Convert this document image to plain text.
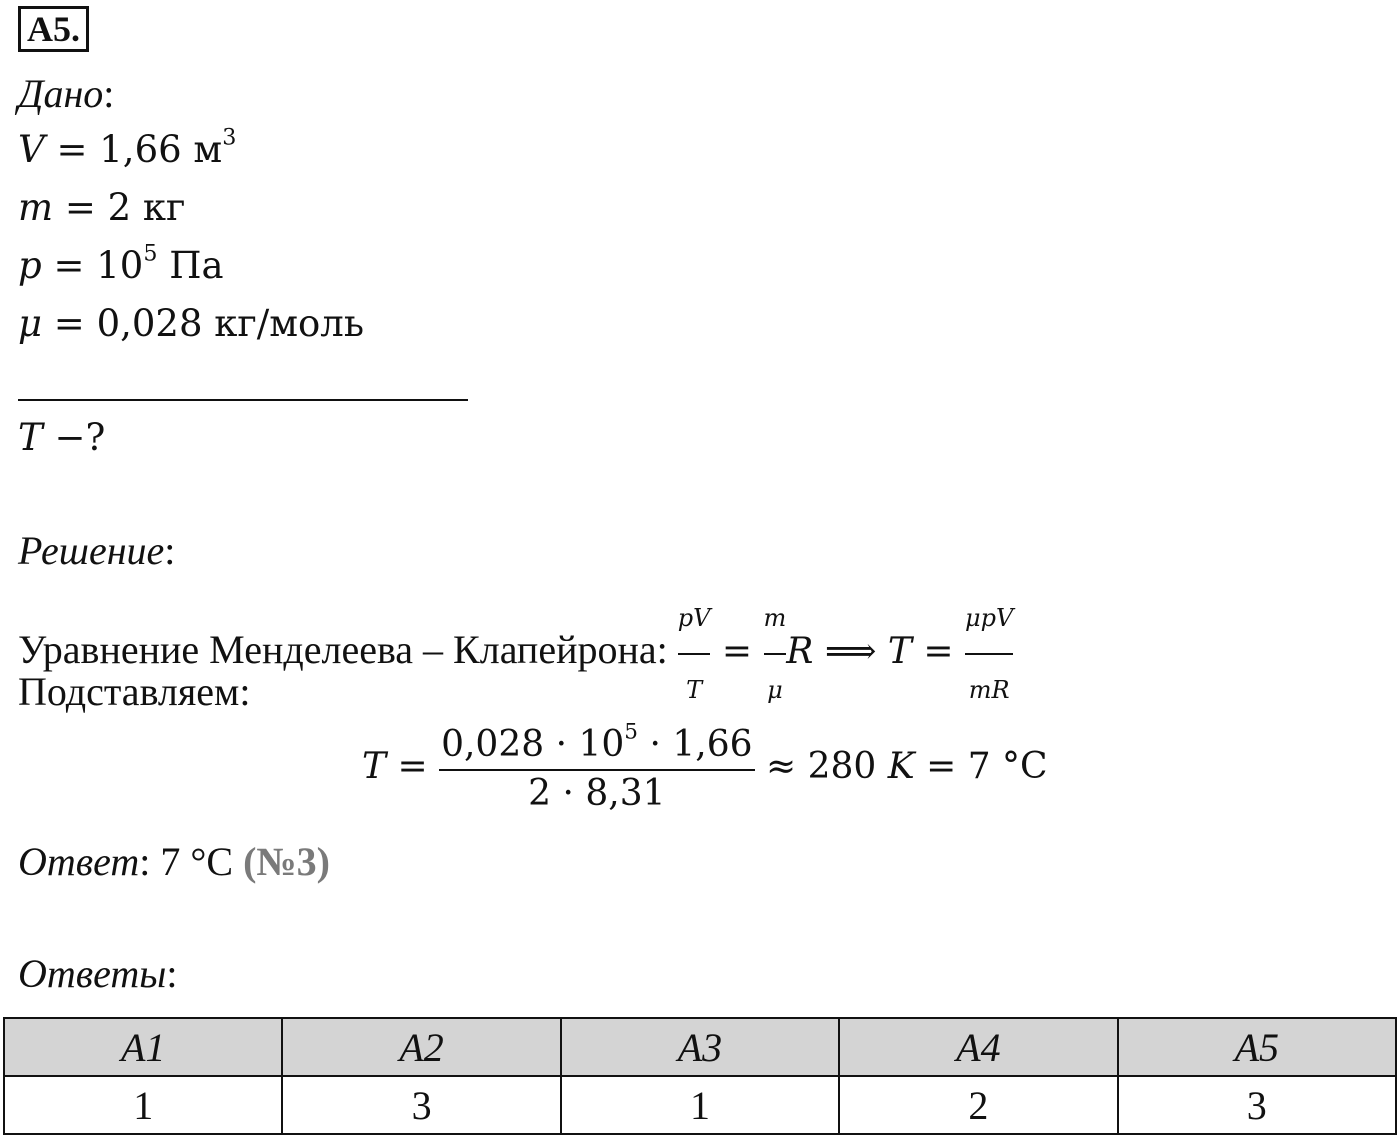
A5.
Дано:
V = 1,66 $м^3$
m = 2 кг
$p = 10^5$ Па
μ = 0,028 кг/моль
T −?
Решение:
Уравнение Менделеева – Клапейрона: $\frac{pV}{T} = \frac{m}{\mu}$ R ⟹ $T = \frac{\text{μpV}}{mR}$
Подставляем:
$T = \frac{0,028 \cdot 10^5 \cdot 1,66}{2 \cdot 8,31} \approx 280$ K = 7 °C
Ответ: 7 °C (№3)
Ответы:
A1	A2	A3	A4	A5
1	3	1	2	3
